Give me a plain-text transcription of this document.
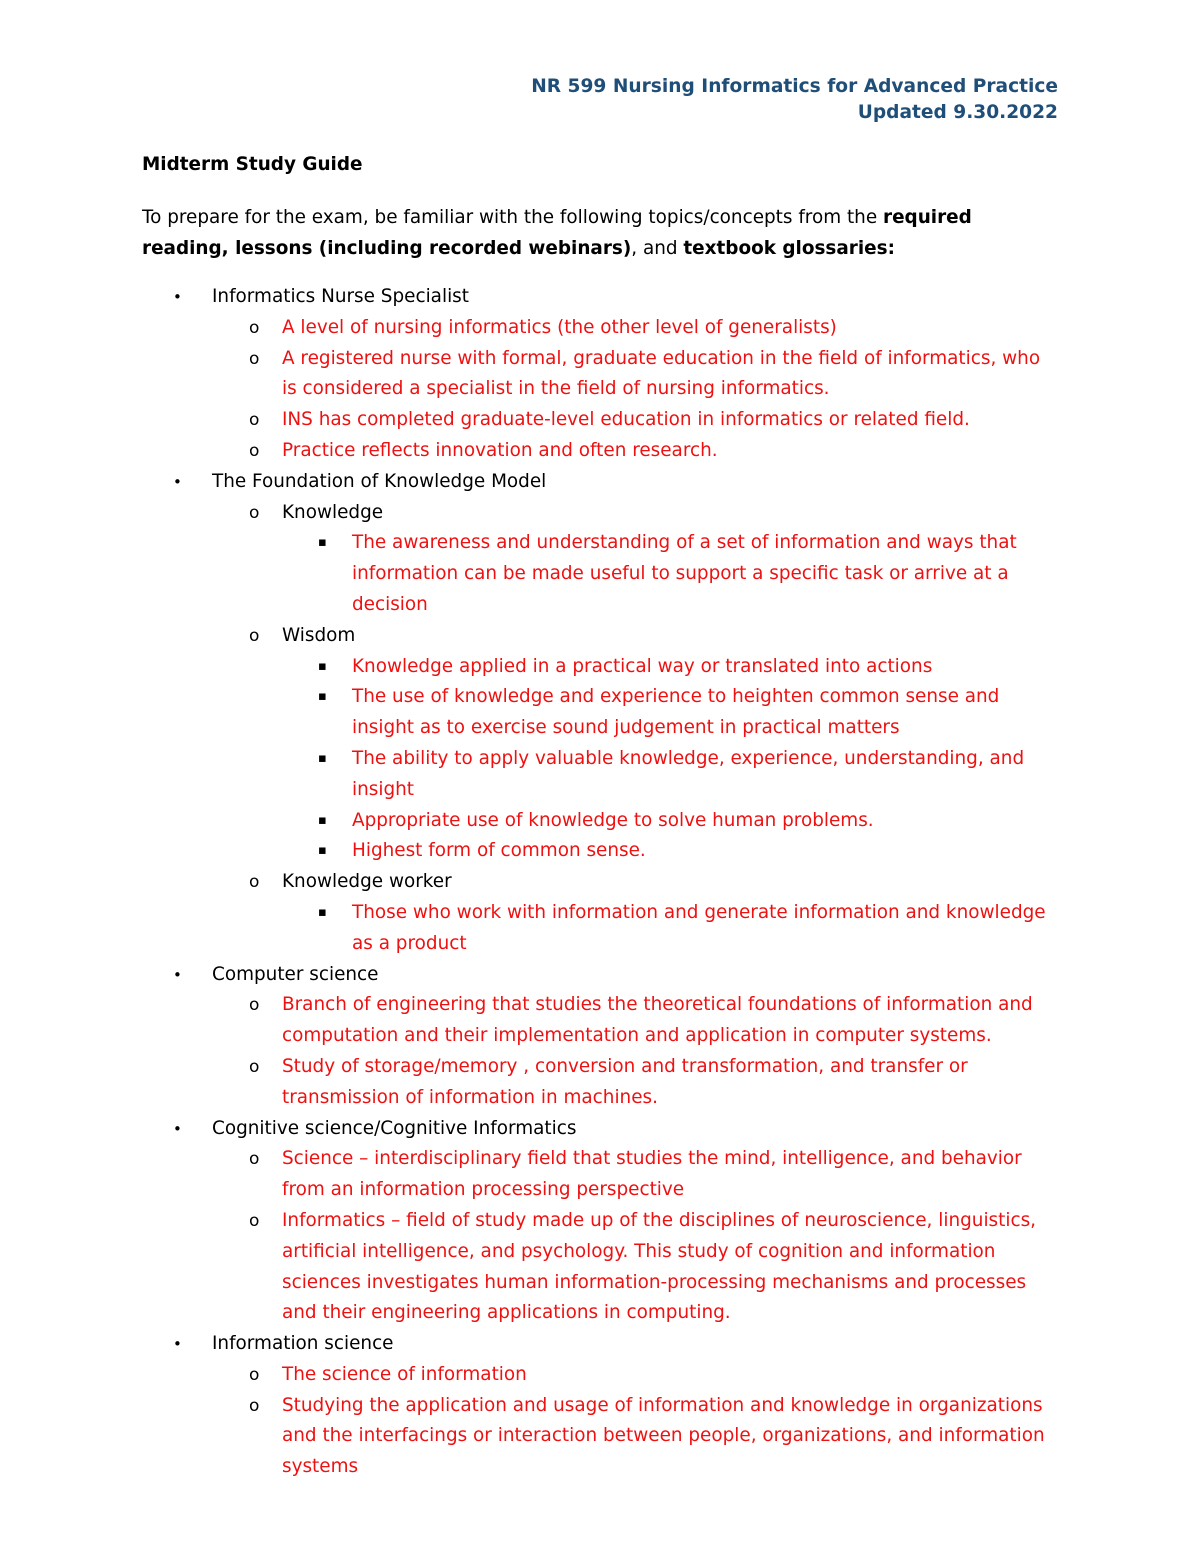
NR 599 Nursing Informatics for Advanced Practice
Updated 9.30.2022
Midterm Study Guide
To prepare for the exam, be familiar with the following topics/concepts from the required reading, lessons (including recorded webinars), and textbook glossaries:
• Informatics Nurse Specialist
o A level of nursing informatics (the other level of generalists)
o A registered nurse with formal, graduate education in the field of informatics, who is considered a specialist in the field of nursing informatics.
o INS has completed graduate-level education in informatics or related field.
o Practice reflects innovation and often research.
• The Foundation of Knowledge Model
o Knowledge
▪ The awareness and understanding of a set of information and ways that information can be made useful to support a specific task or arrive at a decision
o Wisdom
▪ Knowledge applied in a practical way or translated into actions
▪ The use of knowledge and experience to heighten common sense and insight as to exercise sound judgement in practical matters
▪ The ability to apply valuable knowledge, experience, understanding, and insight
▪ Appropriate use of knowledge to solve human problems.
▪ Highest form of common sense.
o Knowledge worker
▪ Those who work with information and generate information and knowledge as a product
• Computer science
o Branch of engineering that studies the theoretical foundations of information and computation and their implementation and application in computer systems.
o Study of storage/memory , conversion and transformation, and transfer or transmission of information in machines.
• Cognitive science/Cognitive Informatics
o Science – interdisciplinary field that studies the mind, intelligence, and behavior from an information processing perspective
o Informatics – field of study made up of the disciplines of neuroscience, linguistics, artificial intelligence, and psychology. This study of cognition and information sciences investigates human information-processing mechanisms and processes and their engineering applications in computing.
• Information science
o The science of information
o Studying the application and usage of information and knowledge in organizations and the interfacings or interaction between people, organizations, and information systems
